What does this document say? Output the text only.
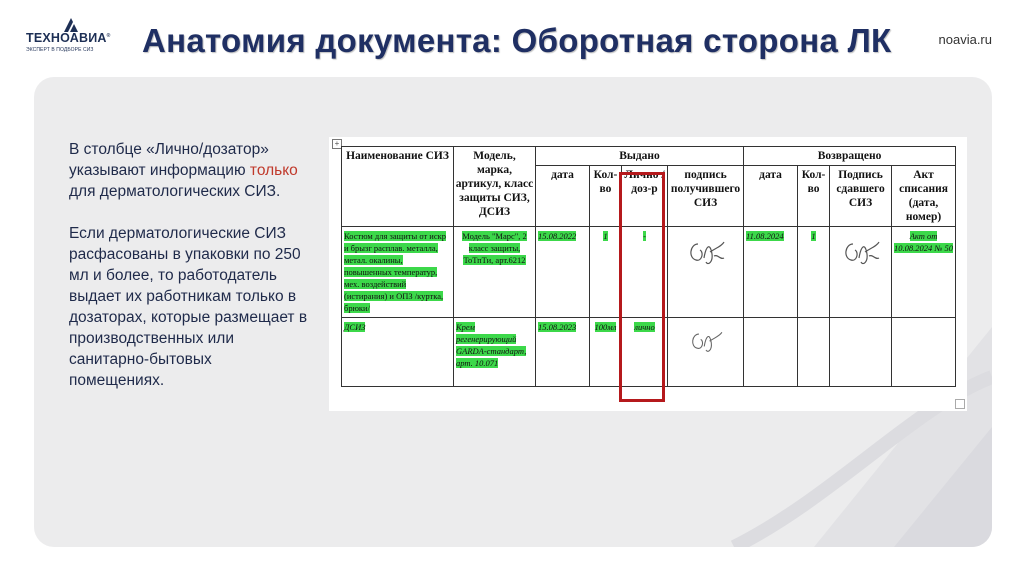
ТЕХНОАВИА®
ЭКСПЕРТ В ПОДБОРЕ СИЗ
noavia.ru
Анатомия документа: Оборотная сторона ЛК

В столбце «Лично/дозатор» указывают информацию только для дерматологических СИЗ.

Если дерматологические СИЗ расфасованы в упаковки по 250 мл и более, то работодатель выдает их работникам только в дозаторах, которые размещает в производственных или санитарно-бытовых помещениях.

+
Наименование СИЗ	Модель, марка, артикул, класс защиты СИЗ, ДСИЗ	Выдано				Возвращено			
		дата	Кол-во	Лично /доз-р	подпись получившего СИЗ	дата	Кол-во	Подпись сдавшего СИЗ	Акт списания (дата, номер)
Костюм для защиты от искр и брызг расплав. металла, метал. окалины, повышенных температур, мех. воздействий (истирания) и ОПЗ /куртка, брюки/	Модель "Марс", 2 класс защиты, ТоТпТи, арт.6212	15.08.2022	1	-		11.08.2024	1		Акт от 10.08.2024 № 50
ДСИЗ	Крем регенерирующий GARDA-стандарт, арт. 10.071	15.08.2023	100мл	лично	
